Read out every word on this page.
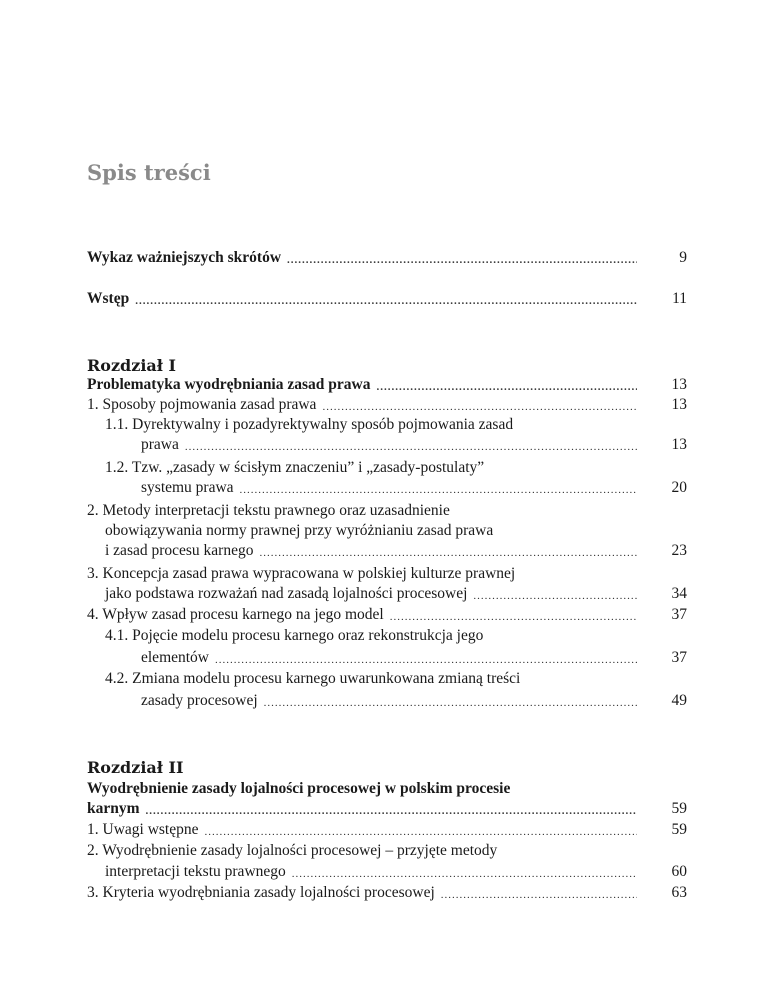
Spis treści
Wykaz ważniejszych skrótów .....	9
Wstęp .....	11
Rozdział I
Problematyka wyodrębniania zasad prawa .....	13
1. Sposoby pojmowania zasad prawa .....	13
1.1. Dyrektywalny i pozadyrektywalny sposób pojmowania zasad
prawa .....	13
1.2. Tzw. „zasady w ścisłym znaczeniu” i „zasady-postulaty”
systemu prawa .....	20
2. Metody interpretacji tekstu prawnego oraz uzasadnienie
obowiązywania normy prawnej przy wyróżnianiu zasad prawa
i zasad procesu karnego .....	23
3. Koncepcja zasad prawa wypracowana w polskiej kulturze prawnej
jako podstawa rozważań nad zasadą lojalności procesowej .....	34
4. Wpływ zasad procesu karnego na jego model .....	37
4.1. Pojęcie modelu procesu karnego oraz rekonstrukcja jego
elementów .....	37
4.2. Zmiana modelu procesu karnego uwarunkowana zmianą treści
zasady procesowej .....	49
Rozdział II
Wyodrębnienie zasady lojalności procesowej w polskim procesie
karnym .....	59
1. Uwagi wstępne .....	59
2. Wyodrębnienie zasady lojalności procesowej – przyjęte metody
interpretacji tekstu prawnego .....	60
3. Kryteria wyodrębniania zasady lojalności procesowej .....	63
